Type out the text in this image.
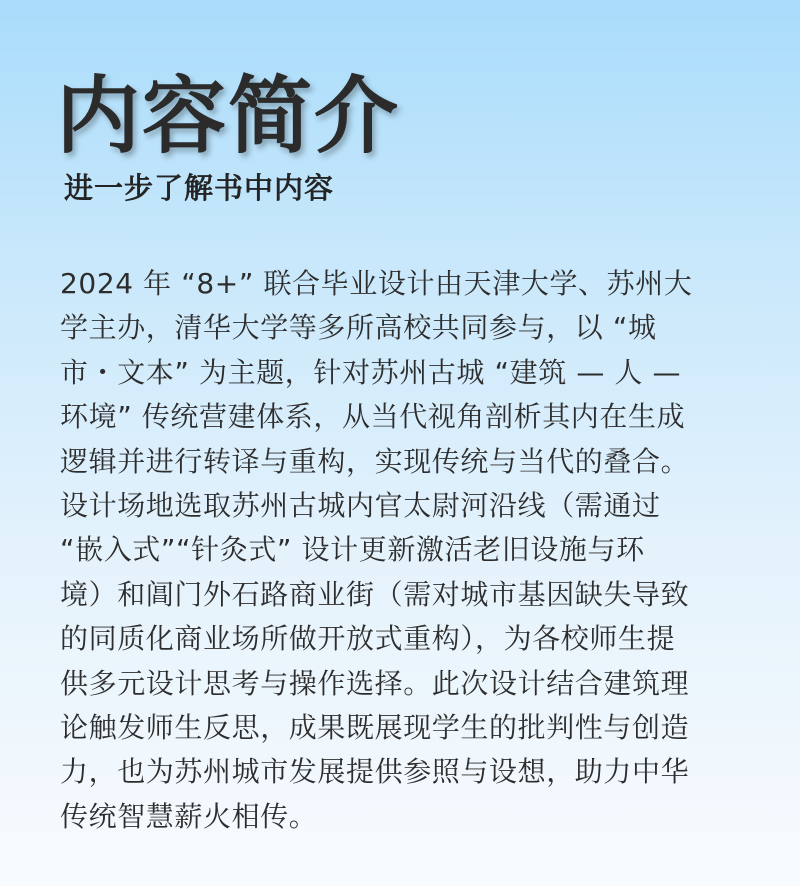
内容简介
进一步了解书中内容
2024 年 “8+” 联合毕业设计由天津大学、苏州大
学主办，清华大学等多所高校共同参与，以 “城
市・文本” 为主题，针对苏州古城 “建筑 — 人 —
环境” 传统营建体系，从当代视角剖析其内在生成
逻辑并进行转译与重构，实现传统与当代的叠合。
设计场地选取苏州古城内官太尉河沿线（需通过
“嵌入式”“针灸式” 设计更新激活老旧设施与环
境）和阊门外石路商业街（需对城市基因缺失导致
的同质化商业场所做开放式重构），为各校师生提
供多元设计思考与操作选择。此次设计结合建筑理
论触发师生反思，成果既展现学生的批判性与创造
力，也为苏州城市发展提供参照与设想，助力中华
传统智慧薪火相传。
